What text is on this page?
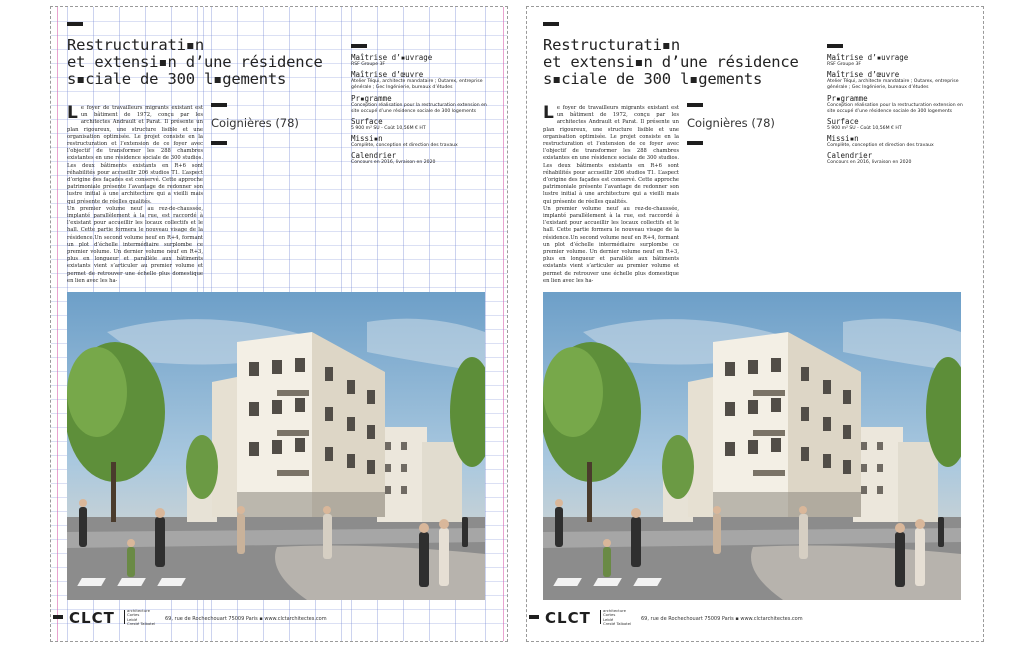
Restructurati▪n
et extensi▪n d’une résidence
s▪ciale de 300 l▪gements
Coignières (78)
L e foyer de travailleurs migrants existant est un bâtiment de 1972, conçu par les architectes Andrault et Parat. Il présente un plan rigoureux, une structure lisible et une organisation optimisée. Le projet consiste en la restructuration et l’extension de ce foyer avec l’objectif de transformer les 288 chambres existantes en une résidence sociale de 300 studios. Les deux bâtiments existants en R+6 sont réhabilités pour accueillir 206 studios T1. L’aspect d’origine des façades est conservé. Cette approche patrimoniale présente l’avantage de redonner son lustre initial à une architecture qui a vieilli mais qui présente de réelles qualités.

Un premier volume neuf au rez-de-chaussée, implanté parallèlement à la rue, est raccordé à l’existant pour accueillir les locaux collectifs et le hall. Cette partie formera le nouveau visage de la résidence.Un second volume neuf en R+4, formant un plot d’échelle intermédiaire surplombe ce premier volume. Un dernier volume neuf en R+3, plus en longueur et parallèle aux bâtiments existants vient s’articuler au premier volume et permet de retrouver une échelle plus domestique en lien avec les ha-

Maîtrise d’▪uvrage
RSF Groupe 3F
Maîtrise d’œuvre
Atelier Téqui, architecte mandataire ; Outarex, entreprise générale ; Gec Ingénierie, bureaux d’études
Pr▪gramme
Conception réalisation pour la restructuration extension en site occupé d’une résidence sociale de 300 logements
Surface
5 900 m² SU - Coût 10,56M € HT
Missi▪n
Complète, conception et direction des travaux
Calendrier
Concours en 2016, livraison en 2020
CLCT	architecture
Cortes
Leblé
Cresté Talbotel
69, rue de Rochechouart 75009 Paris ▪ www.clctarchitectes.com
Restructurati▪n
et extensi▪n d’une résidence
s▪ciale de 300 l▪gements
Coignières (78)
L e foyer de travailleurs migrants existant est un bâtiment de 1972, conçu par les architectes Andrault et Parat. Il présente un plan rigoureux, une structure lisible et une organisation optimisée. Le projet consiste en la restructuration et l’extension de ce foyer avec l’objectif de transformer les 288 chambres existantes en une résidence sociale de 300 studios. Les deux bâtiments existants en R+6 sont réhabilités pour accueillir 206 studios T1. L’aspect d’origine des façades est conservé. Cette approche patrimoniale présente l’avantage de redonner son lustre initial à une architecture qui a vieilli mais qui présente de réelles qualités.

Un premier volume neuf au rez-de-chaussée, implanté parallèlement à la rue, est raccordé à l’existant pour accueillir les locaux collectifs et le hall. Cette partie formera le nouveau visage de la résidence.Un second volume neuf en R+4, formant un plot d’échelle intermédiaire surplombe ce premier volume. Un dernier volume neuf en R+3, plus en longueur et parallèle aux bâtiments existants vient s’articuler au premier volume et permet de retrouver une échelle plus domestique en lien avec les ha-

Maîtrise d’▪uvrage
RSF Groupe 3F
Maîtrise d’œuvre
Atelier Téqui, architecte mandataire ; Outarex, entreprise générale ; Gec Ingénierie, bureaux d’études
Pr▪gramme
Conception réalisation pour la restructuration extension en site occupé d’une résidence sociale de 300 logements
Surface
5 900 m² SU - Coût 10,56M € HT
Missi▪n
Complète, conception et direction des travaux
Calendrier
Concours en 2016, livraison en 2020
CLCT	architecture
Cortes
Leblé
Cresté Talbotel
69, rue de Rochechouart 75009 Paris ▪ www.clctarchitectes.com
